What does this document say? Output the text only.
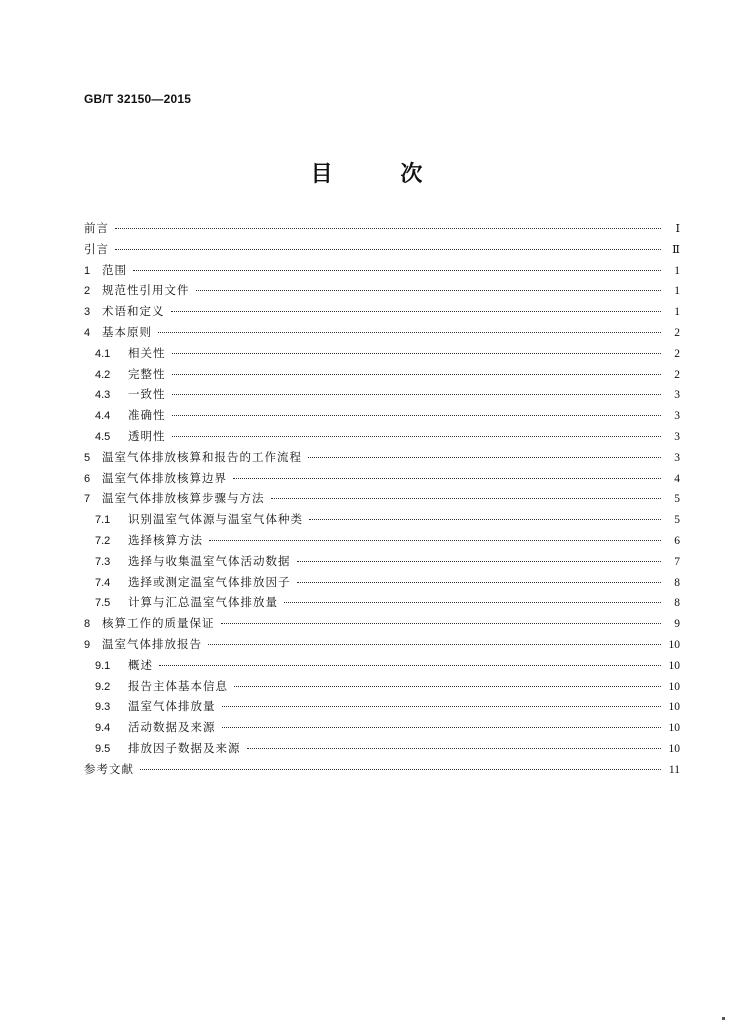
GB/T 32150—2015
目 次
前言	Ⅰ
引言	Ⅱ
1	范围	1
2	规范性引用文件	1
3	术语和定义	1
4	基本原则	2
4.1	相关性	2
4.2	完整性	2
4.3	一致性	3
4.4	准确性	3
4.5	透明性	3
5	温室气体排放核算和报告的工作流程	3
6	温室气体排放核算边界	4
7	温室气体排放核算步骤与方法	5
7.1	识别温室气体源与温室气体种类	5
7.2	选择核算方法	6
7.3	选择与收集温室气体活动数据	7
7.4	选择或测定温室气体排放因子	8
7.5	计算与汇总温室气体排放量	8
8	核算工作的质量保证	9
9	温室气体排放报告	10
9.1	概述	10
9.2	报告主体基本信息	10
9.3	温室气体排放量	10
9.4	活动数据及来源	10
9.5	排放因子数据及来源	10
参考文献	11
